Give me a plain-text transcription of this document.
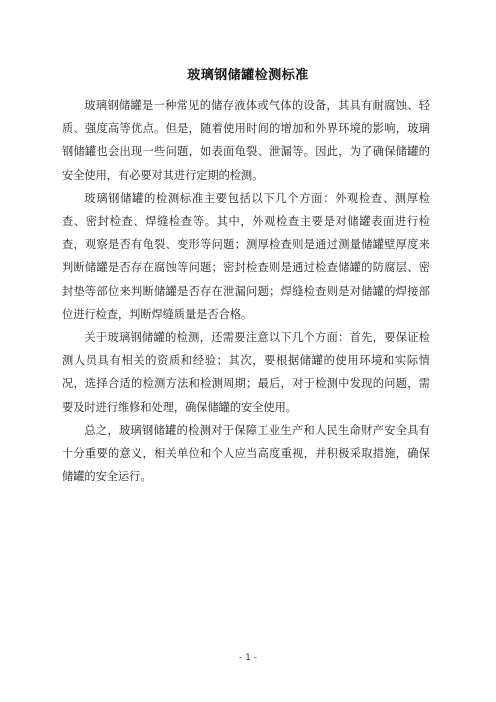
玻璃钢储罐检测标准

玻璃钢储罐是一种常见的储存液体或气体的设备，其具有耐腐蚀、轻质、强度高等优点。但是，随着使用时间的增加和外界环境的影响，玻璃钢储罐也会出现一些问题，如表面龟裂、泄漏等。因此，为了确保储罐的安全使用，有必要对其进行定期的检测。

玻璃钢储罐的检测标准主要包括以下几个方面：外观检查、测厚检查、密封检查、焊缝检查等。其中，外观检查主要是对储罐表面进行检查，观察是否有龟裂、变形等问题；测厚检查则是通过测量储罐壁厚度来判断储罐是否存在腐蚀等问题；密封检查则是通过检查储罐的防腐层、密封垫等部位来判断储罐是否存在泄漏问题；焊缝检查则是对储罐的焊接部位进行检查，判断焊缝质量是否合格。

关于玻璃钢储罐的检测，还需要注意以下几个方面：首先，要保证检测人员具有相关的资质和经验；其次，要根据储罐的使用环境和实际情况，选择合适的检测方法和检测周期；最后，对于检测中发现的问题，需要及时进行维修和处理，确保储罐的安全使用。

总之，玻璃钢储罐的检测对于保障工业生产和人民生命财产安全具有十分重要的意义，相关单位和个人应当高度重视，并积极采取措施，确保储罐的安全运行。

- 1 -
